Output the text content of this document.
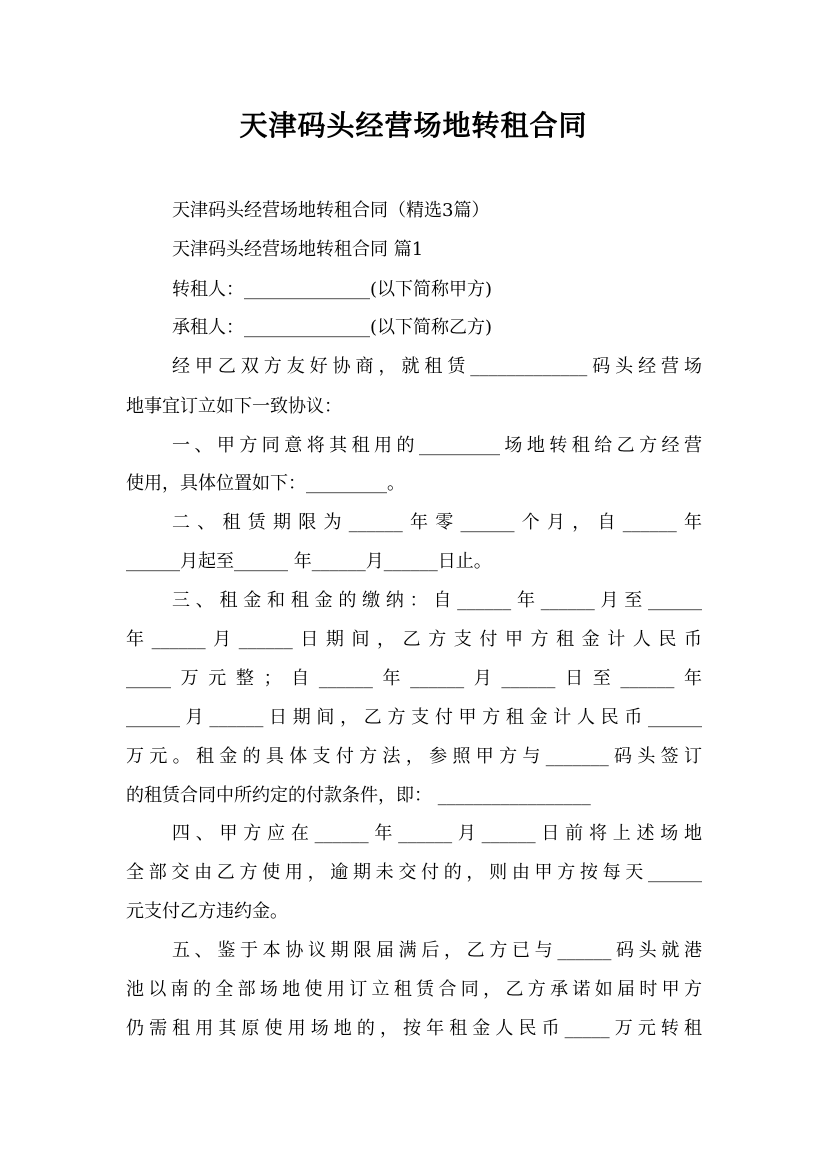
天津码头经营场地转租合同
天津码头经营场地转租合同（精选3篇）
天津码头经营场地转租合同 篇1
转租人：______________(以下简称甲方)
承租人：______________(以下简称乙方)
经甲乙双方友好协商，就租赁_____________码头经营场
地事宜订立如下一致协议：
一、甲方同意将其租用的_________场地转租给乙方经营
使用，具体位置如下：_________。
二、租赁期限为______年零______个月，自______年
______月起至______ 年______月______日止。
三、租金和租金的缴纳：自______年______月至______
年______月______日期间，乙方支付甲方租金计人民币
_____万元整；自______年______月______日至______年
______月______日期间，乙方支付甲方租金计人民币______
万元。租金的具体支付方法，参照甲方与_______码头签订
的租赁合同中所约定的付款条件，即： _________________
四、甲方应在______年______月______日前将上述场地
全部交由乙方使用，逾期未交付的，则由甲方按每天______
元支付乙方违约金。
五、鉴于本协议期限届满后，乙方已与______码头就港
池以南的全部场地使用订立租赁合同，乙方承诺如届时甲方
仍需租用其原使用场地的，按年租金人民币_____万元转租
